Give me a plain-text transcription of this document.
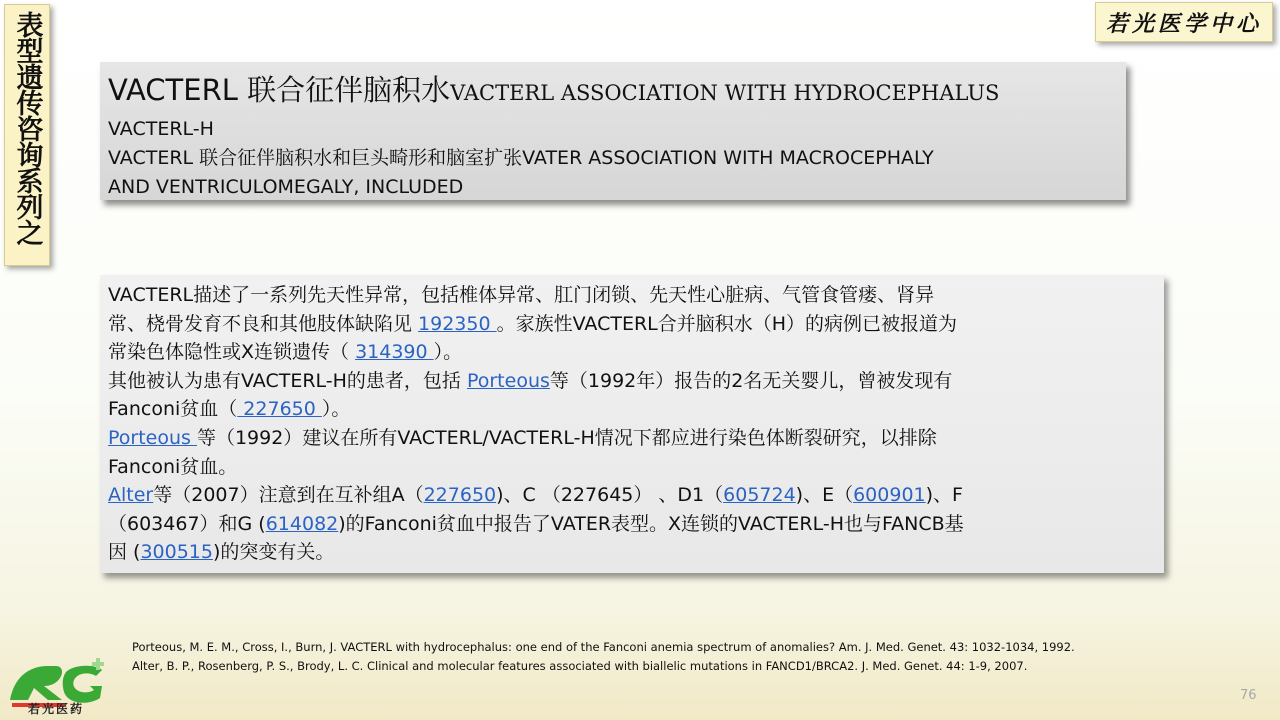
表型遗传咨询系列之	若光医学中心
VACTERL 联合征伴脑积水VACTERL ASSOCIATION WITH HYDROCEPHALUS
VACTERL-H
VACTERL 联合征伴脑积水和巨头畸形和脑室扩张VATER ASSOCIATION WITH MACROCEPHALY
AND VENTRICULOMEGALY, INCLUDED

VACTERL描述了一系列先天性异常，包括椎体异常、肛门闭锁、先天性心脏病、气管食管瘘、肾异
常、桡骨发育不良和其他肢体缺陷见 192350 。家族性VACTERL合并脑积水（H）的病例已被报道为
常染色体隐性或X连锁遗传（ 314390 ）。

其他被认为患有VACTERL-H的患者，包括 Porteous等（1992年）报告的2名无关婴儿，曾被发现有
Fanconi贫血（ 227650 ）。

Porteous 等（1992）建议在所有VACTERL/VACTERL-H情况下都应进行染色体断裂研究，以排除
Fanconi贫血。

Alter等（2007）注意到在互补组A（227650)、C （227645） 、D1（605724)、E（600901)、F
（603467）和G (614082)的Fanconi贫血中报告了VATER表型。X连锁的VACTERL-H也与FANCB基
因 (300515)的突变有关。

Porteous, M. E. M., Cross, I., Burn, J. VACTERL with hydrocephalus: one end of the Fanconi anemia spectrum of anomalies? Am. J. Med. Genet. 43: 1032-1034, 1992.
Alter, B. P., Rosenberg, P. S., Brody, L. C. Clinical and molecular features associated with biallelic mutations in FANCD1/BRCA2. J. Med. Genet. 44: 1-9, 2007.
76
若光医药
